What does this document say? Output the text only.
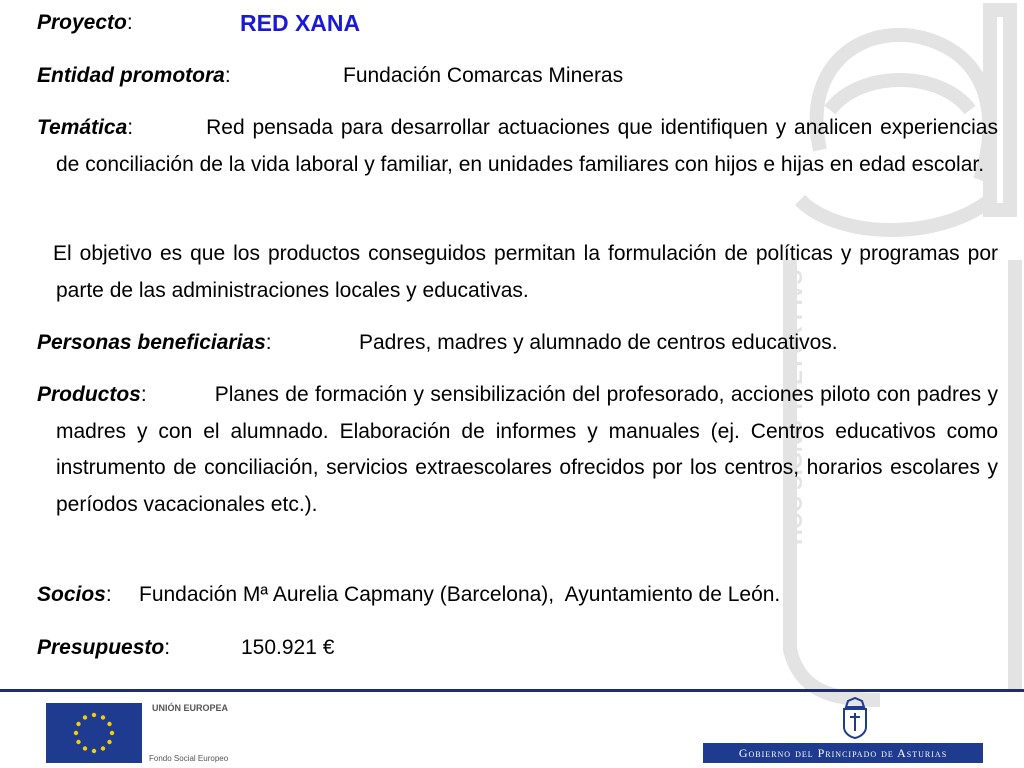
HOC SIGNO TVETVR PIVS
Proyecto:	RED XANA
Entidad promotora:	Fundación Comarcas Mineras
Temática:	Red pensada para desarrollar actuaciones que identifiquen y analicen experiencias de conciliación de la vida laboral y familiar, en unidades familiares con hijos e hijas en edad escolar.
El objetivo es que los productos conseguidos permitan la formulación de políticas y programas por parte de las administraciones locales y educativas.
Personas beneficiarias:	Padres, madres y alumnado de centros educativos.
Productos:	Planes de formación y sensibilización del profesorado, acciones piloto con padres y madres y con el alumnado. Elaboración de informes y manuales (ej. Centros educativos como instrumento de conciliación, servicios extraescolares ofrecidos por los centros, horarios escolares y períodos vacacionales etc.).
Socios: Fundación Mª Aurelia Capmany (Barcelona),  Ayuntamiento de León.
Presupuesto:	150.921 €
UNIÓN EUROPEA
Fondo Social Europeo	Gobierno del Principado de Asturias
